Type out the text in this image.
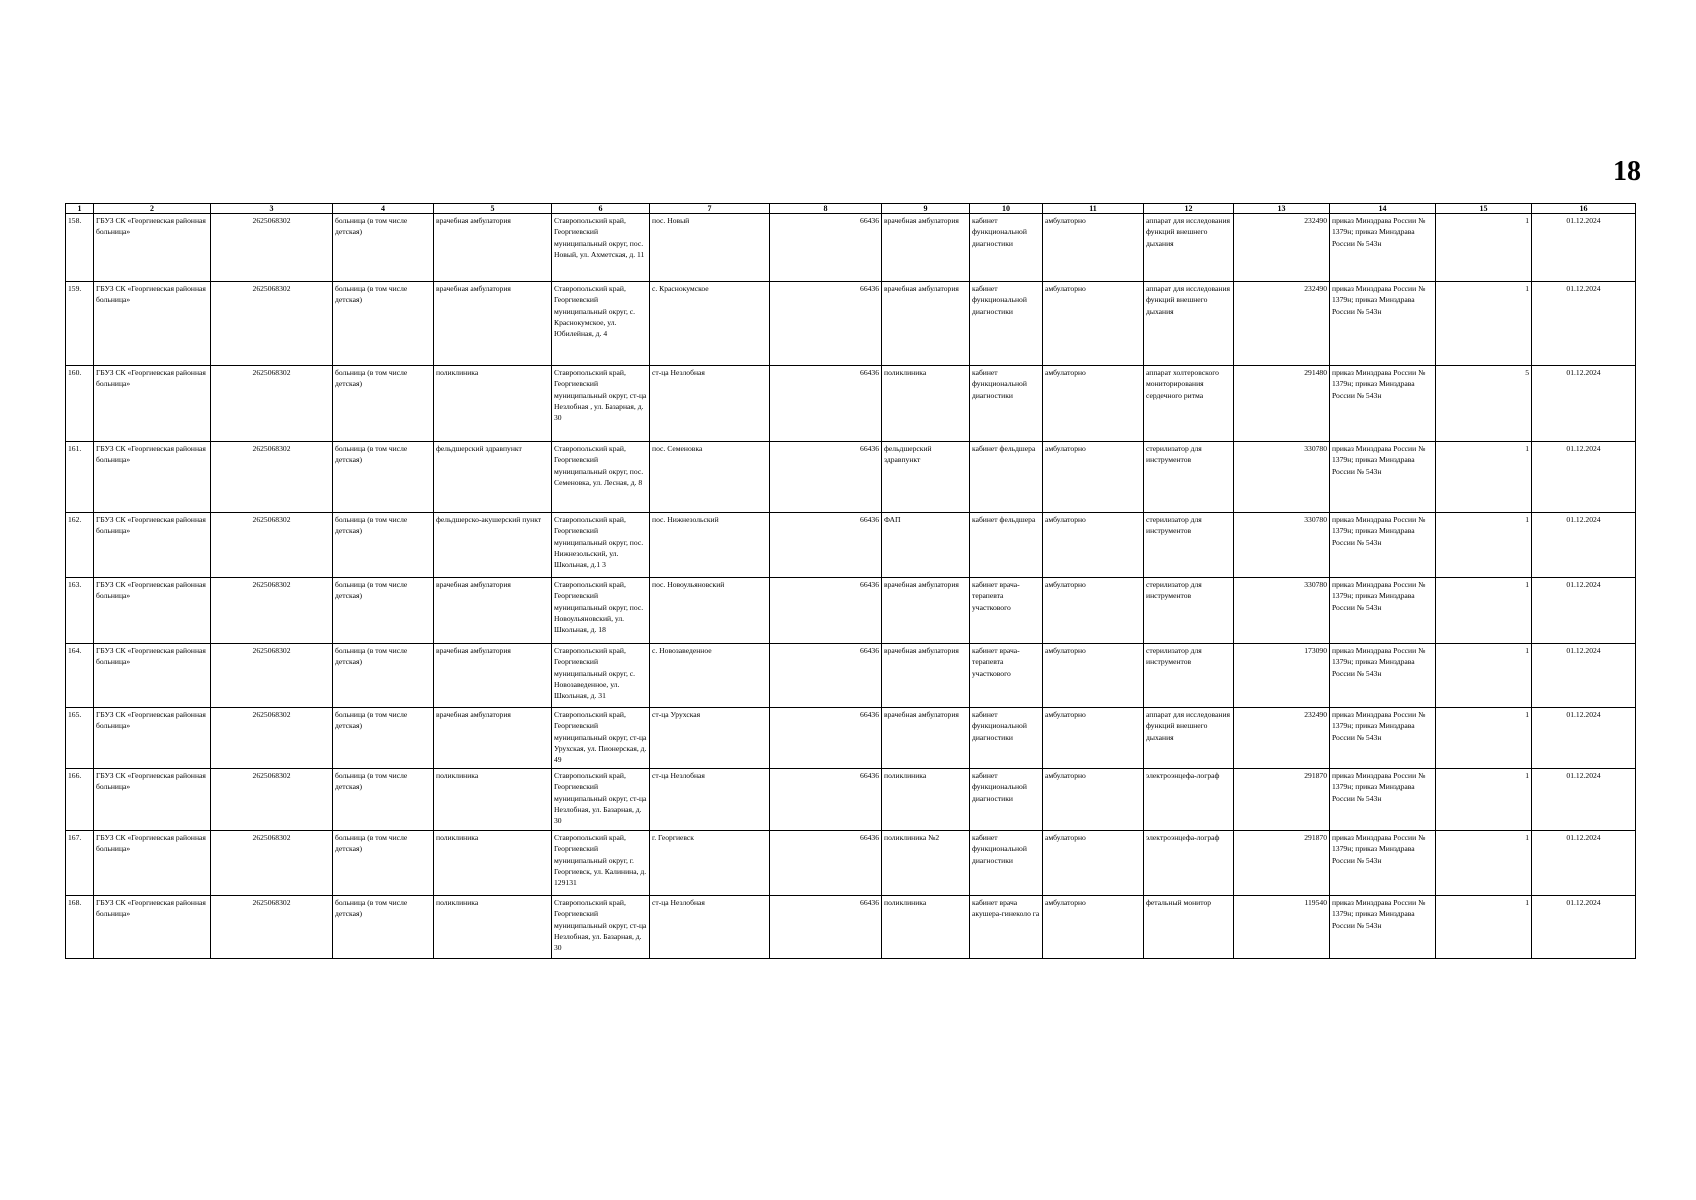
18
1	2	3	4	5	6	7	8	9	10	11	12	13	14	15	16
158.	ГБУЗ СК «Георгиевская районная больница»	2625068302	больница (в том числе детская)	врачебная амбулатория	Ставропольский край, Георгиевский муниципальный округ, пос. Новый, ул. Ахметская, д. 11	пос. Новый	66436	врачебная амбулатория	кабинет функциональной диагностики	амбулаторно	аппарат для исследования функций внешнего дыхания	232490	приказ Минздрава России № 1379н; приказ Минздрава России № 543н	1	01.12.2024
159.	ГБУЗ СК «Георгиевская районная больница»	2625068302	больница (в том числе детская)	врачебная амбулатория	Ставропольский край, Георгиевский муниципальный округ, с. Краснокумское, ул. Юбилейная, д. 4	с. Краснокумское	66436	врачебная амбулатория	кабинет функциональной диагностики	амбулаторно	аппарат для исследования функций внешнего дыхания	232490	приказ Минздрава России № 1379н; приказ Минздрава России № 543н	1	01.12.2024
160.	ГБУЗ СК «Георгиевская районная больница»	2625068302	больница (в том числе детская)	поликлиника	Ставропольский край, Георгиевский муниципальный округ, ст-ца Незлобная , ул. Базарная, д. 30	ст-ца Незлобная	66436	поликлиника	кабинет функциональной диагностики	амбулаторно	аппарат холтеровского мониторирования сердечного ритма	291480	приказ Минздрава России № 1379н; приказ Минздрава России № 543н	5	01.12.2024
161.	ГБУЗ СК «Георгиевская районная больница»	2625068302	больница (в том числе детская)	фельдшерский здравпункт	Ставропольский край, Георгиевский муниципальный округ, пос. Семеновка, ул. Лесная, д. 8	пос. Семеновка	66436	фельдшерский здравпункт	кабинет фельдшера	амбулаторно	стерилизатор для инструментов	330780	приказ Минздрава России № 1379н; приказ Минздрава России № 543н	1	01.12.2024
162.	ГБУЗ СК «Георгиевская районная больница»	2625068302	больница (в том числе детская)	фельдшерско-акушерский пункт	Ставропольский край, Георгиевский муниципальный округ, пос. Нижнезольский, ул. Школьная, д.1 3	пос. Нижнезольский	66436	ФАП	кабинет фельдшера	амбулаторно	стерилизатор для инструментов	330780	приказ Минздрава России № 1379н; приказ Минздрава России № 543н	1	01.12.2024
163.	ГБУЗ СК «Георгиевская районная больница»	2625068302	больница (в том числе детская)	врачебная амбулатория	Ставропольский край, Георгиевский муниципальный округ, пос. Новоульяновский, ул. Школьная, д. 18	пос. Новоульяновский	66436	врачебная амбулатория	кабинет врача-терапевта участкового	амбулаторно	стерилизатор для инструментов	330780	приказ Минздрава России № 1379н; приказ Минздрава России № 543н	1	01.12.2024
164.	ГБУЗ СК «Георгиевская районная больница»	2625068302	больница (в том числе детская)	врачебная амбулатория	Ставропольский край, Георгиевский муниципальный округ, с. Новозаведенное, ул. Школьная, д. 31	с. Новозаведенное	66436	врачебная амбулатория	кабинет врача-терапевта участкового	амбулаторно	стерилизатор для инструментов	173090	приказ Минздрава России № 1379н; приказ Минздрава России № 543н	1	01.12.2024
165.	ГБУЗ СК «Георгиевская районная больница»	2625068302	больница (в том числе детская)	врачебная амбулатория	Ставропольский край, Георгиевский муниципальный округ, ст-ца Урухская, ул. Пионерская, д. 49	ст-ца Урухская	66436	врачебная амбулатория	кабинет функциональной диагностики	амбулаторно	аппарат для исследования функций внешнего дыхания	232490	приказ Минздрава России № 1379н; приказ Минздрава России № 543н	1	01.12.2024
166.	ГБУЗ СК «Георгиевская районная больница»	2625068302	больница (в том числе детская)	поликлиника	Ставропольский край, Георгиевский муниципальный округ, ст-ца Незлобная, ул. Базарная, д. 30	ст-ца Незлобная	66436	поликлиника	кабинет функциональной диагностики	амбулаторно	электроэнцефа-лограф	291870	приказ Минздрава России № 1379н; приказ Минздрава России № 543н	1	01.12.2024
167.	ГБУЗ СК «Георгиевская районная больница»	2625068302	больница (в том числе детская)	поликлиника	Ставропольский край, Георгиевский муниципальный округ, г. Георгиевск, ул. Калинина, д. 129131	г. Георгиевск	66436	поликлиника №2	кабинет функциональной диагностики	амбулаторно	электроэнцефа-лограф	291870	приказ Минздрава России № 1379н; приказ Минздрава России № 543н	1	01.12.2024
168.	ГБУЗ СК «Георгиевская районная больница»	2625068302	больница (в том числе детская)	поликлиника	Ставропольский край, Георгиевский муниципальный округ, ст-ца Незлобная, ул. Базарная, д. 30	ст-ца Незлобная	66436	поликлиника	кабинет врача акушера-гинеколо га	амбулаторно	фетальный монитор	119540	приказ Минздрава России № 1379н; приказ Минздрава России № 543н	1	01.12.2024
